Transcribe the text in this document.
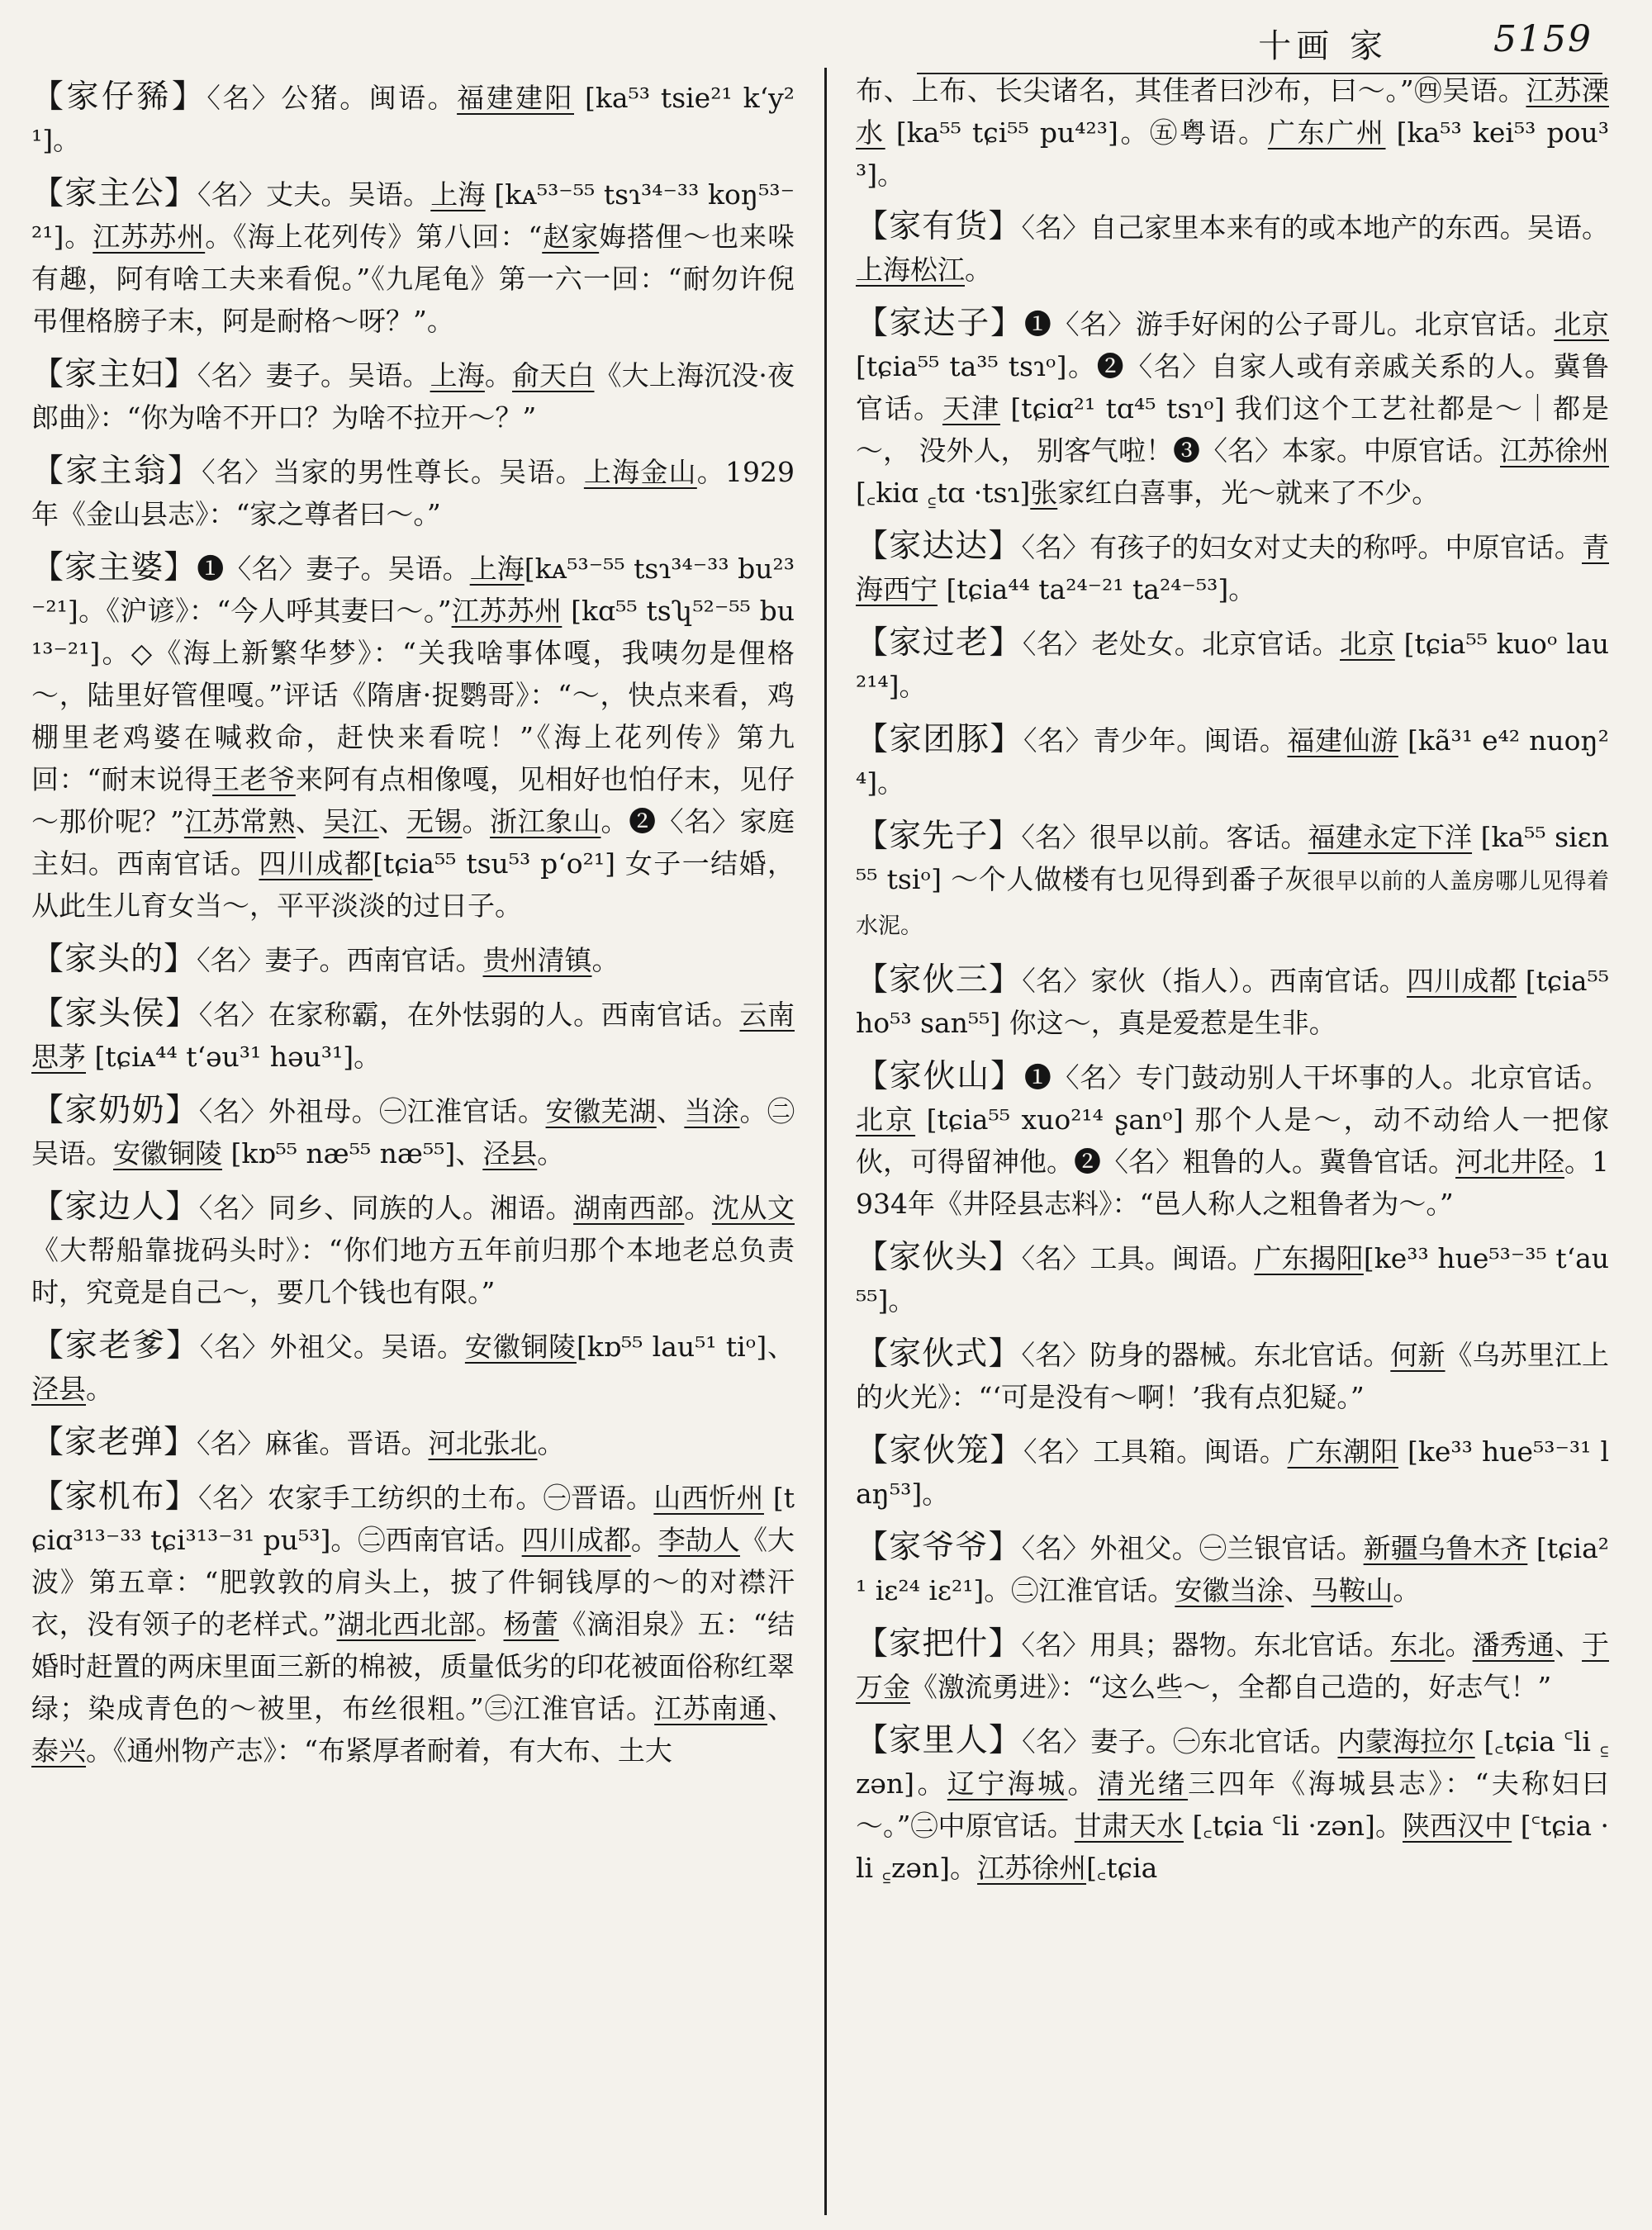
十画 家	5159

【家仔豨】〈名〉公猪。闽语。福建建阳 [ka⁵³ tsie²¹ k‘y²¹]。

【家主公】〈名〉丈夫。吴语。上海 [kᴀ⁵³⁻⁵⁵ tsɿ³⁴⁻³³ koŋ⁵³⁻²¹]。江苏苏州。《海上花列传》第八回：“赵家娒搭俚～也来哚有趣，阿有啥工夫来看倪。”《九尾龟》第一六一回：“耐勿许倪弔俚格膀子末，阿是耐格～呀？”。

【家主妇】〈名〉妻子。吴语。上海。俞天白《大上海沉没·夜郎曲》：“你为啥不开口？为啥不拉开～？”

【家主翁】〈名〉当家的男性尊长。吴语。上海金山。1929年《金山县志》：“家之尊者曰～。”

【家主婆】❶〈名〉妻子。吴语。上海[kᴀ⁵³⁻⁵⁵ tsɿ³⁴⁻³³ bu²³⁻²¹]。《沪谚》：“今人呼其妻曰～。”江苏苏州 [kɑ⁵⁵ tsʮ⁵²⁻⁵⁵ bu¹³⁻²¹]。◇《海上新繁华梦》：“关我啥事体嘎，我咦勿是俚格～，陆里好管俚嘎。”评话《隋唐·捉鹦哥》：“～，快点来看，鸡棚里老鸡婆在喊救命，赶快来看唍！”《海上花列传》第九回：“耐末说得王老爷来阿有点相像嘎，见相好也怕仔末，见仔～那价呢？”江苏常熟、吴江、无锡。浙江象山。❷〈名〉家庭主妇。西南官话。四川成都[tɕia⁵⁵ tsu⁵³ p‘o²¹] 女子一结婚，从此生儿育女当～，平平淡淡的过日子。

【家头的】〈名〉妻子。西南官话。贵州清镇。

【家头侯】〈名〉在家称霸，在外怯弱的人。西南官话。云南思茅 [tɕiᴀ⁴⁴ t‘əu³¹ həu³¹]。

【家奶奶】〈名〉外祖母。㊀江淮官话。安徽芜湖、当涂。㊁吴语。安徽铜陵 [kɒ⁵⁵ næ⁵⁵ næ⁵⁵]、泾县。

【家边人】〈名〉同乡、同族的人。湘语。湖南西部。沈从文《大帮船靠拢码头时》：“你们地方五年前归那个本地老总负责时，究竟是自己～，要几个钱也有限。”

【家老爹】〈名〉外祖父。吴语。安徽铜陵[kɒ⁵⁵ lau⁵¹ tiᵒ]、泾县。

【家老弹】〈名〉麻雀。晋语。河北张北。

【家机布】〈名〉农家手工纺织的土布。㊀晋语。山西忻州 [tɕiɑ³¹³⁻³³ tɕi³¹³⁻³¹ pu⁵³]。㊁西南官话。四川成都。李劼人《大波》第五章：“肥敦敦的肩头上，披了件铜钱厚的～的对襟汗衣，没有领子的老样式。”湖北西北部。杨蕾《滴泪泉》五：“结婚时赶置的两床里面三新的棉被，质量低劣的印花被面俗称红翠绿；染成青色的～被里，布丝很粗。”㊂江淮官话。江苏南通、泰兴。《通州物产志》：“布紧厚者耐着，有大布、土大

布、上布、长尖诸名，其佳者曰沙布，曰～。”㊃吴语。江苏溧水 [ka⁵⁵ tɕi⁵⁵ pu⁴²³]。㊄粤语。广东广州 [ka⁵³ kei⁵³ pou³³]。

【家有货】〈名〉自己家里本来有的或本地产的东西。吴语。上海松江。

【家达子】❶〈名〉游手好闲的公子哥儿。北京官话。北京 [tɕia⁵⁵ ta³⁵ tsɿᵒ]。❷〈名〉自家人或有亲戚关系的人。冀鲁官话。天津 [tɕiɑ²¹ tɑ⁴⁵ tsɿᵒ] 我们这个工艺社都是～｜都是～， 没外人， 别客气啦！❸〈名〉本家。中原官话。江苏徐州 [꜀kiɑ ꜁tɑ ·tsɿ]张家红白喜事，光～就来了不少。

【家达达】〈名〉有孩子的妇女对丈夫的称呼。中原官话。青海西宁 [tɕia⁴⁴ ta²⁴⁻²¹ ta²⁴⁻⁵³]。

【家过老】〈名〉老处女。北京官话。北京 [tɕia⁵⁵ kuoᵒ lau²¹⁴]。

【家团豚】〈名〉青少年。闽语。福建仙游 [kã³¹ e⁴² nuoŋ²⁴]。

【家先子】〈名〉很早以前。客话。福建永定下洋 [ka⁵⁵ siɛn⁵⁵ tsiᵒ] ～个人做楼有乜见得到番子灰很早以前的人盖房哪儿见得着水泥。

【家伙三】〈名〉家伙（指人）。西南官话。四川成都 [tɕia⁵⁵ ho⁵³ san⁵⁵] 你这～，真是爱惹是生非。

【家伙山】❶〈名〉专门鼓动别人干坏事的人。北京官话。北京 [tɕia⁵⁵ xuo²¹⁴ ʂanᵒ] 那个人是～，动不动给人一把傢伙，可得留神他。❷〈名〉粗鲁的人。冀鲁官话。河北井陉。1934年《井陉县志料》：“邑人称人之粗鲁者为～。”

【家伙头】〈名〉工具。闽语。广东揭阳[ke³³ hue⁵³⁻³⁵ t‘au⁵⁵]。

【家伙式】〈名〉防身的器械。东北官话。何新《乌苏里江上的火光》：“‘可是没有～啊！’我有点犯疑。”

【家伙笼】〈名〉工具箱。闽语。广东潮阳 [ke³³ hue⁵³⁻³¹ laŋ⁵³]。

【家爷爷】〈名〉外祖父。㊀兰银官话。新疆乌鲁木齐 [tɕia²¹ iɛ²⁴ iɛ²¹]。㊁江淮官话。安徽当涂、马鞍山。

【家把什】〈名〉用具；器物。东北官话。东北。潘秀通、于万金《激流勇进》：“这么些～，全都自己造的，好志气！”

【家里人】〈名〉妻子。㊀东北官话。内蒙海拉尔 [꜀tɕia ꜂li ꜁zən]。辽宁海城。清光绪三四年《海城县志》：“夫称妇曰～。”㊁中原官话。甘肃天水 [꜀tɕia ꜂li ·zən]。陕西汉中 [꜂tɕia ·li ꜁zən]。江苏徐州[꜀tɕia
